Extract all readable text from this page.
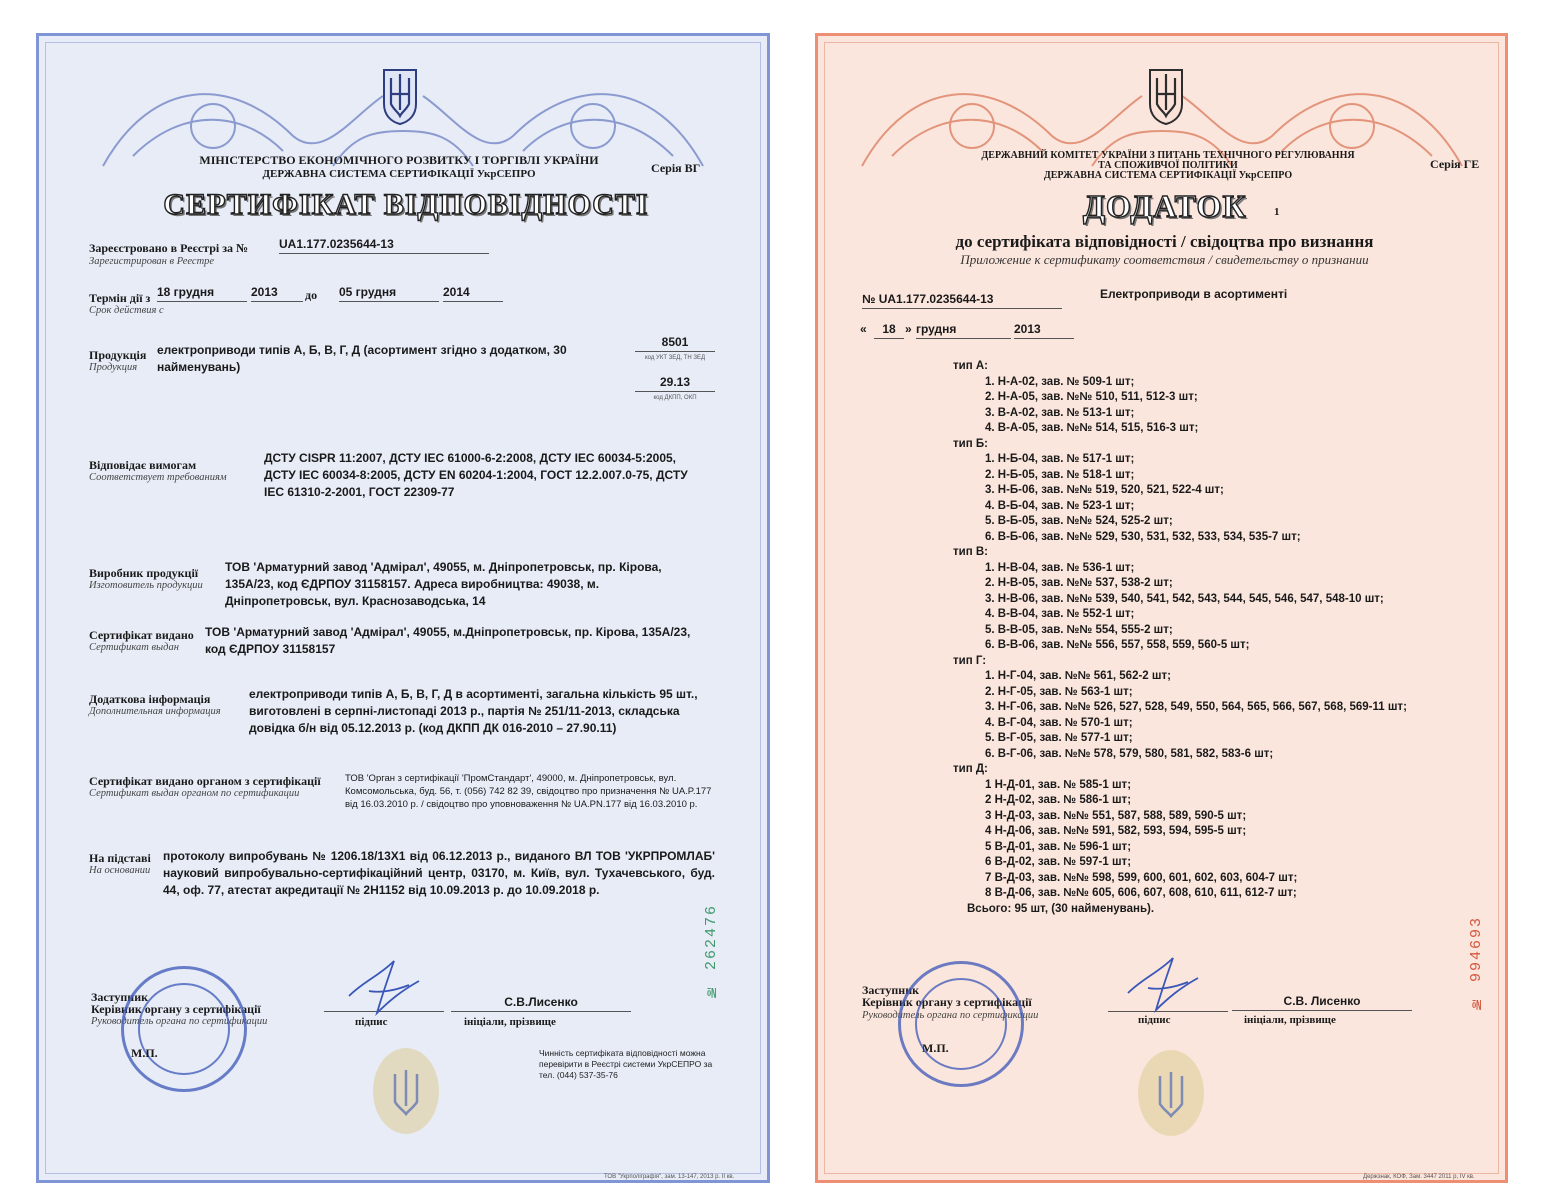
МІНІСТЕРСТВО ЕКОНОМІЧНОГО РОЗВИТКУ І ТОРГІВЛІ УКРАЇНИ
ДЕРЖАВНА СИСТЕМА СЕРТИФІКАЦІЇ УкрСЕПРО	Серія ВГ
СЕРТИФІКАТ ВІДПОВІДНОСТІ
Зареєстровано в Реєстрі за №
Зарегистрирован в Реестре
UA1.177.0235644-13
Термін дії з
Срок действия с
18 грудня	2013	до 05 грудня	2014
Продукція
Продукция
електроприводи типів А, Б, В, Г, Д (асортимент згідно з додатком, 30 найменувань)
8501
код УКТ ЗЕД, ТН ЗЕД
29.13
код ДКПП, ОКП
Відповідає вимогам
Соответствует требованиям
ДСТУ CISPR 11:2007, ДСТУ IEC 61000-6-2:2008, ДСТУ IEC 60034-5:2005, ДСТУ IEC 60034-8:2005, ДСТУ EN 60204-1:2004, ГОСТ 12.2.007.0-75, ДСТУ IEC 61310-2-2001, ГОСТ 22309-77
Виробник продукції
Изготовитель продукции
ТОВ 'Арматурний завод 'Адмірал', 49055, м. Дніпропетровськ, пр. Кірова, 135А/23, код ЄДРПОУ 31158157. Адреса виробництва: 49038, м. Дніпропетровськ, вул. Краснозаводська, 14
Сертифікат видано
Сертификат выдан
ТОВ 'Арматурний завод 'Адмірал', 49055, м.Дніпропетровськ, пр. Кірова, 135А/23, код ЄДРПОУ 31158157
Додаткова інформація
Дополнительная информация
електроприводи типів А, Б, В, Г, Д в асортименті, загальна кількість 95 шт., виготовлені в серпні-листопаді 2013 р., партія № 251/11-2013, складська довідка б/н від 05.12.2013 р. (код ДКПП ДК 016-2010 – 27.90.11)
Сертифікат видано органом з сертифікації
Сертификат выдан органом по сертификации
ТОВ 'Орган з сертифікації 'ПромСтандарт', 49000, м. Дніпропетровськ, вул. Комсомольська, буд. 56, т. (056) 742 82 39, свідоцтво про призначення № UA.P.177 від 16.03.2010 р. / свідоцтво про уповноваження № UA.PN.177 від 16.03.2010 р.
На підставі
На основании
протоколу випробувань № 1206.18/13Х1 від 06.12.2013 р., виданого ВЛ ТОВ 'УКРПРОМЛАБ' науковий випробувально-сертифікаційний центр, 03170, м. Київ, вул. Тухачевського, буд. 44, оф. 77, атестат акредитації № 2Н1152 від 10.09.2013 р. до 10.09.2018 р.
№ 262476
Заступник
Керівник органу з сертифікації
Руководитель органа по сертификации	підпис
С.В.Лисенко
ініціали, прізвище
М.П.	Чинність сертифіката відповідності можна перевірити в Реєстрі системи УкрСЕПРО за тел. (044) 537-35-76
ТОВ "Укрполіграфія", зам. 13-147, 2013 р. ІІ кв.
ДЕРЖАВНИЙ КОМІТЕТ УКРАЇНИ З ПИТАНЬ ТЕХНІЧНОГО РЕГУЛЮВАННЯ
ТА СПОЖИВЧОЇ ПОЛІТИКИ
ДЕРЖАВНА СИСТЕМА СЕРТИФІКАЦІЇ УкрСЕПРО
Серія ГЕ
ДОДАТОК 1
до сертифіката відповідності / свідоцтва про визнання
Приложение к сертификату соответствия / свидетельству о признании
№ UA1.177.0235644-13	Електроприводи в асортименті
«	18 » грудня	2013
тип А:
1. Н-А-02, зав. № 509-1 шт;
2. Н-А-05, зав. №№ 510, 511, 512-3 шт;
3. В-А-02, зав. № 513-1 шт;
4. В-А-05, зав. №№ 514, 515, 516-3 шт;
тип Б:
1. Н-Б-04, зав. № 517-1 шт;
2. Н-Б-05, зав. № 518-1 шт;
3. Н-Б-06, зав. №№ 519, 520, 521, 522-4 шт;
4. В-Б-04, зав. № 523-1 шт;
5. В-Б-05, зав. №№ 524, 525-2 шт;
6. В-Б-06, зав. №№ 529, 530, 531, 532, 533, 534, 535-7 шт;
тип В:
1. Н-В-04, зав. № 536-1 шт;
2. Н-В-05, зав. №№ 537, 538-2 шт;
3. Н-В-06, зав. №№ 539, 540, 541, 542, 543, 544, 545, 546, 547, 548-10 шт;
4. В-В-04, зав. № 552-1 шт;
5. В-В-05, зав. №№ 554, 555-2 шт;
6. В-В-06, зав. №№ 556, 557, 558, 559, 560-5 шт;
тип Г:
1. Н-Г-04, зав. №№ 561, 562-2 шт;
2. Н-Г-05, зав. № 563-1 шт;
3. Н-Г-06, зав. №№ 526, 527, 528, 549, 550, 564, 565, 566, 567, 568, 569-11 шт;
4. В-Г-04, зав. № 570-1 шт;
5. В-Г-05, зав. № 577-1 шт;
6. В-Г-06, зав. №№ 578, 579, 580, 581, 582, 583-6 шт;
тип Д:
1 Н-Д-01, зав. № 585-1 шт;
2 Н-Д-02, зав. № 586-1 шт;
3 Н-Д-03, зав. №№ 551, 587, 588, 589, 590-5 шт;
4 Н-Д-06, зав. №№ 591, 582, 593, 594, 595-5 шт;
5 В-Д-01, зав. № 596-1 шт;
6 В-Д-02, зав. № 597-1 шт;
7 В-Д-03, зав. №№ 598, 599, 600, 601, 602, 603, 604-7 шт;
8 В-Д-06, зав. №№ 605, 606, 607, 608, 610, 611, 612-7 шт;
Всього: 95 шт, (30 найменувань).
№ 994693
Заступник
Керівник органу з сертифікації
Руководитель органа по сертификации	підпис
С.В. Лисенко
ініціали, прізвище
М.П.
Держзнак, КОФ, Зам. 3447 2011 р, IV кв.
